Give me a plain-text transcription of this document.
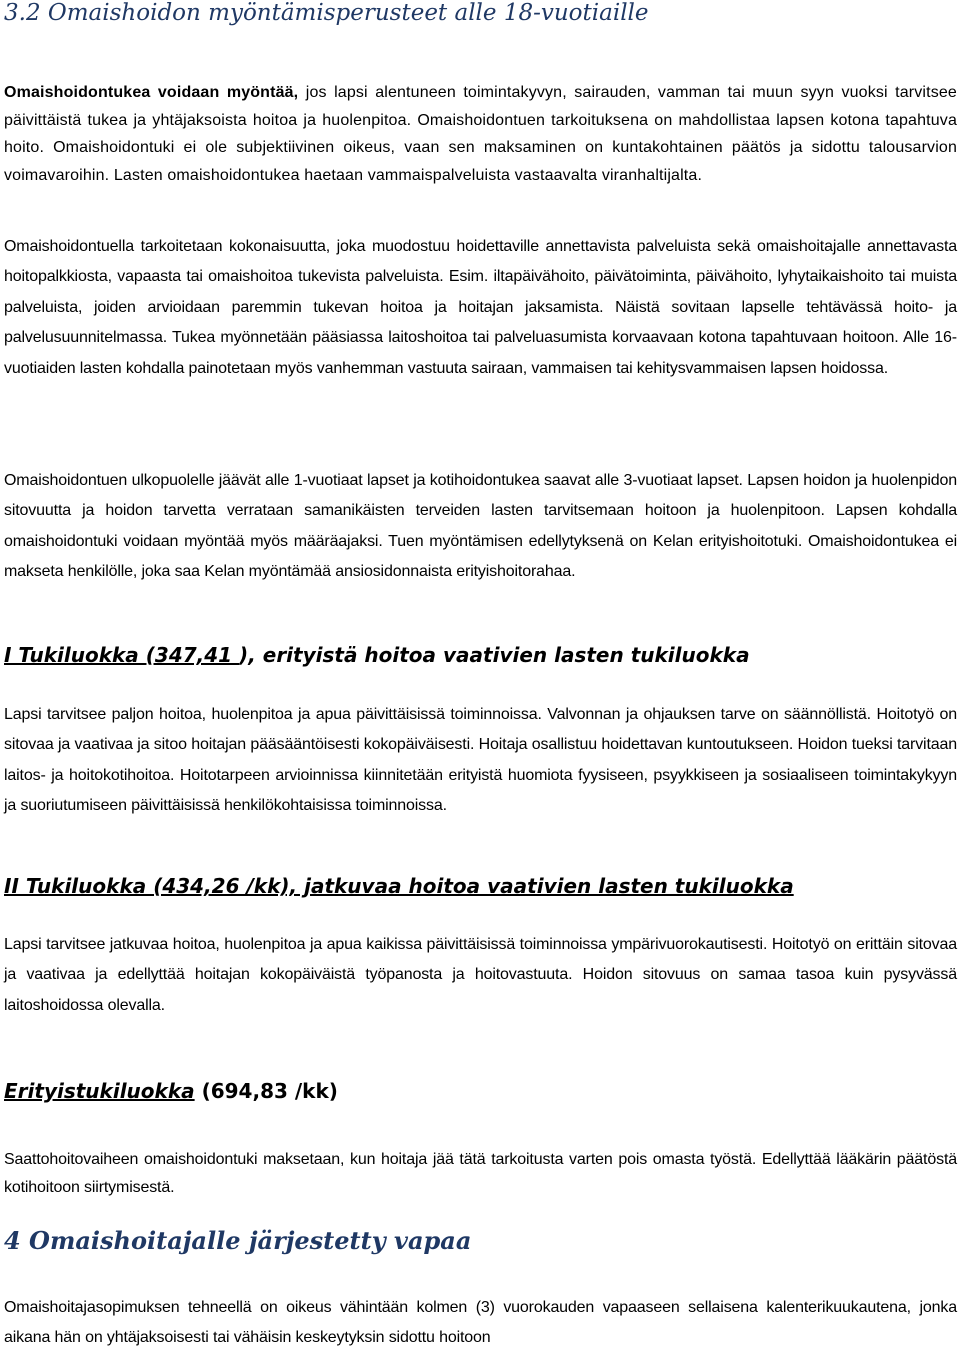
3.2 Omaishoidon myöntämisperusteet alle 18-vuotiaille
Omaishoidontukea voidaan myöntää, jos lapsi alentuneen toimintakyvyn, sairauden, vamman tai muun syyn vuoksi tarvitsee päivittäistä tukea ja yhtäjaksoista hoitoa ja huolenpitoa. Omaishoidontuen tarkoituksena on mahdollistaa lapsen kotona tapahtuva hoito. Omaishoidontuki ei ole subjektiivinen oikeus, vaan sen maksaminen on kuntakohtainen päätös ja sidottu talousarvion voimavaroihin. Lasten omaishoidontukea haetaan vammaispalveluista vastaavalta viranhaltijalta.
Omaishoidontuella tarkoitetaan kokonaisuutta, joka muodostuu hoidettaville annettavista palveluista sekä omaishoitajalle annettavasta hoitopalkkiosta, vapaasta tai omaishoitoa tukevista palveluista. Esim. iltapäivähoito, päivätoiminta, päivähoito, lyhytaikaishoito tai muista palveluista, joiden arvioidaan paremmin tukevan hoitoa ja hoitajan jaksamista. Näistä sovitaan lapselle tehtävässä hoito- ja palvelusuunnitelmassa. Tukea myönnetään pääsiassa laitoshoitoa tai palveluasumista korvaavaan kotona tapahtuvaan hoitoon. Alle 16-vuotiaiden lasten kohdalla painotetaan myös vanhemman vastuuta sairaan, vammaisen tai kehitysvammaisen lapsen hoidossa.
Omaishoidontuen ulkopuolelle jäävät alle 1-vuotiaat lapset ja kotihoidontukea saavat alle 3-vuotiaat lapset. Lapsen hoidon ja huolenpidon sitovuutta ja hoidon tarvetta verrataan samanikäisten terveiden lasten tarvitsemaan hoitoon ja huolenpitoon. Lapsen kohdalla omaishoidontuki voidaan myöntää myös määräajaksi. Tuen myöntämisen edellytyksenä on Kelan erityishoitotuki. Omaishoidontukea ei makseta henkilölle, joka saa Kelan myöntämää ansiosidonnaista erityishoitorahaa.
I Tukiluokka (347,41 ), erityistä hoitoa vaativien lasten tukiluokka
Lapsi tarvitsee paljon hoitoa, huolenpitoa ja apua päivittäisissä toiminnoissa. Valvonnan ja ohjauksen tarve on säännöllistä. Hoitotyö on sitovaa ja vaativaa ja sitoo hoitajan pääsääntöisesti kokopäiväisesti. Hoitaja osallistuu hoidettavan kuntoutukseen. Hoidon tueksi tarvitaan laitos- ja hoitokotihoitoa. Hoitotarpeen arvioinnissa kiinnitetään erityistä huomiota fyysiseen, psyykkiseen ja sosiaaliseen toimintakykyyn ja suoriutumiseen päivittäisissä henkilökohtaisissa toiminnoissa.
II Tukiluokka (434,26 /kk), jatkuvaa hoitoa vaativien lasten tukiluokka
Lapsi tarvitsee jatkuvaa hoitoa, huolenpitoa ja apua kaikissa päivittäisissä toiminnoissa ympärivuorokautisesti. Hoitotyö on erittäin sitovaa ja vaativaa ja edellyttää hoitajan kokopäiväistä työpanosta ja hoitovastuuta. Hoidon sitovuus on samaa tasoa kuin pysyvässä laitoshoidossa olevalla.
Erityistukiluokka (694,83 /kk)
Saattohoitovaiheen omaishoidontuki maksetaan, kun hoitaja jää tätä tarkoitusta varten pois omasta työstä. Edellyttää lääkärin päätöstä kotihoitoon siirtymisestä.
4 Omaishoitajalle järjestetty vapaa
Omaishoitajasopimuksen tehneellä on oikeus vähintään kolmen (3) vuorokauden vapaaseen sellaisena kalenterikuukautena, jonka aikana hän on yhtäjaksoisesti tai vähäisin keskeytyksin sidottu hoitoon
